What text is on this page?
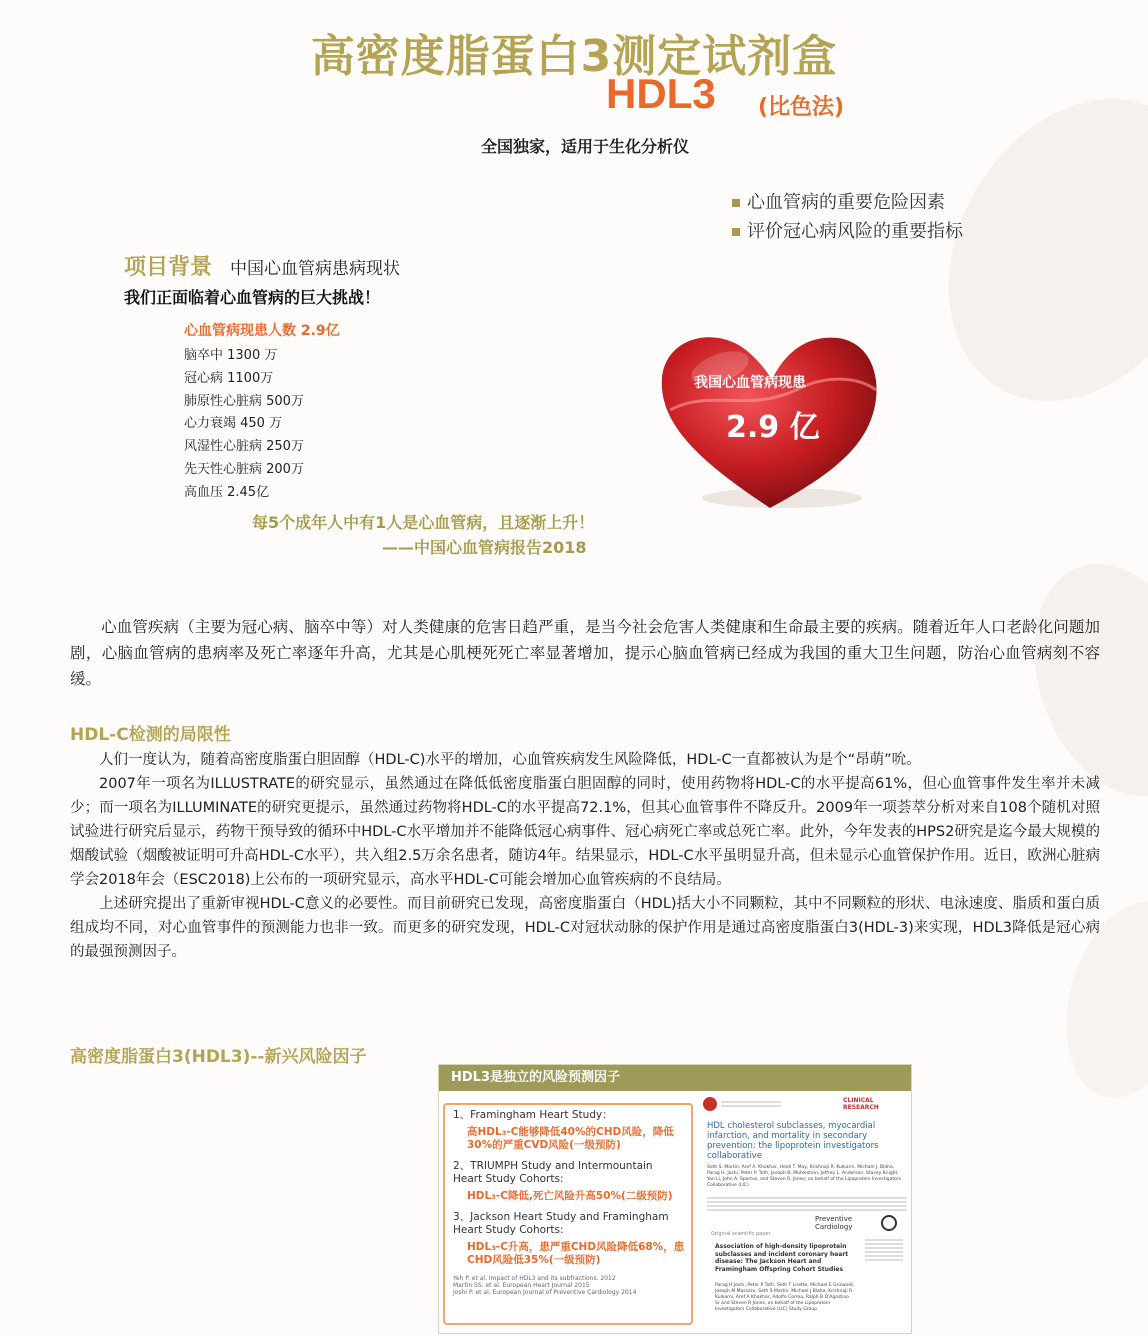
高密度脂蛋白3测定试剂盒
HDL3 (比色法)
全国独家，适用于生化分析仪
心血管病的重要危险因素
评价冠心病风险的重要指标
项目背景 中国心血管病患病现状
我们正面临着心血管病的巨大挑战！
心血管病现患人数 2.9亿
脑卒中 1300 万
冠心病 1100万
肺原性心脏病 500万
心力衰竭 450 万
风湿性心脏病 250万
先天性心脏病 200万
高血压 2.45亿
我国心血管病现患
2.9 亿
每5个成年人中有1人是心血管病，且逐渐上升！
——中国心血管病报告2018
心血管疾病（主要为冠心病、脑卒中等）对人类健康的危害日趋严重，是当今社会危害人类健康和生命最主要的疾病。随着近年人口老龄化问题加剧，心脑血管病的患病率及死亡率逐年升高，尤其是心肌梗死死亡率显著增加，提示心脑血管病已经成为我国的重大卫生问题，防治心血管病刻不容缓。
HDL-C检测的局限性

人们一度认为，随着高密度脂蛋白胆固醇（HDL-C)水平的增加，心血管疾病发生风险降低，HDL-C一直都被认为是个“昂萌”吮。

2007年一项名为ILLUSTRATE的研究显示，虽然通过在降低低密度脂蛋白胆固醇的同时，使用药物将HDL-C的水平提高61%，但心血管事件发生率并未减少；而一项名为ILLUMINATE的研究更提示，虽然通过药物将HDL-C的水平提高72.1%，但其心血管事件不降反升。2009年一项荟萃分析对来自108个随机对照试验进行研究后显示，药物干预导致的循环中HDL-C水平增加并不能降低冠心病事件、冠心病死亡率或总死亡率。此外，今年发表的HPS2研究是迄今最大规模的烟酸试验（烟酸被证明可升高HDL-C水平），共入组2.5万余名患者，随访4年。结果显示，HDL-C水平虽明显升高，但未显示心血管保护作用。近日，欧洲心脏病学会2018年会（ESC2018)上公布的一项研究显示，高水平HDL-C可能会增加心血管疾病的不良结局。

上述研究提出了重新审视HDL-C意义的必要性。而目前研究已发现，高密度脂蛋白（HDL)括大小不同颗粒，其中不同颗粒的形状、电泳速度、脂质和蛋白质组成均不同，对心血管事件的预测能力也非一致。而更多的研究发现，HDL-C对冠状动脉的保护作用是通过高密度脂蛋白3(HDL-3)来实现，HDL3降低是冠心病的最强预测因子。

高密度脂蛋白3(HDL3)--新兴风险因子
HDL3是独立的风险预测因子
1、Framingham Heart Study：
高HDL₃-C能够降低40%的CHD风险，降低30%的严重CVD风险(一级预防)
2、TRIUMPH Study and Intermountain Heart Study Cohorts:
HDL₃-C降低,死亡风险升高50%(二级预防)
3、Jackson Heart Study and Framingham Heart Study Cohorts:
HDL₃-C升高，患严重CHD风险降低68%，患CHD风险低35%(一级预防)
Yeh P. et al. Impact of HDL3 and its subfractions. 2012
Martin SS. et al. European Heart Journal 2015
Joshi P. et al. European Journal of Preventive Cardiology 2014
CLINICAL RESEARCH
HDL cholesterol subclasses, myocardial infarction, and mortality in secondary prevention: the lipoprotein investigators collaborative
Seth S. Martin, Aref A. Khokhar, Heidi T. May, Krishnaji R. Kulkarni, Michael J. Blaha, Parag H. Joshi, Peter P. Toth, Joseph B. Muhlestein, Jeffrey L. Anderson, Stacey Knight, Yan Li, John A. Spertus, and Steven R. Jones; on behalf of the Lipoprotein Investigators Collaborative (LIC)
Preventive Cardiology
Original scientific paper
Association of high-density lipoprotein subclasses and incident coronary heart disease: The Jackson Heart and Framingham Offspring Cohort Studies
Parag H Joshi, Peter P Toth, Seth T Lirette, Michael E Griswold, Joseph M Massaro, Seth S Martin, Michael J Blaha, Krishnaji R Kulkarni, Aref A Khokhar, Adolfo Correa, Ralph B D'Agostino Sr and Steven R Jones; on behalf of the Lipoprotein Investigators Collaborative (LIC) Study Group
